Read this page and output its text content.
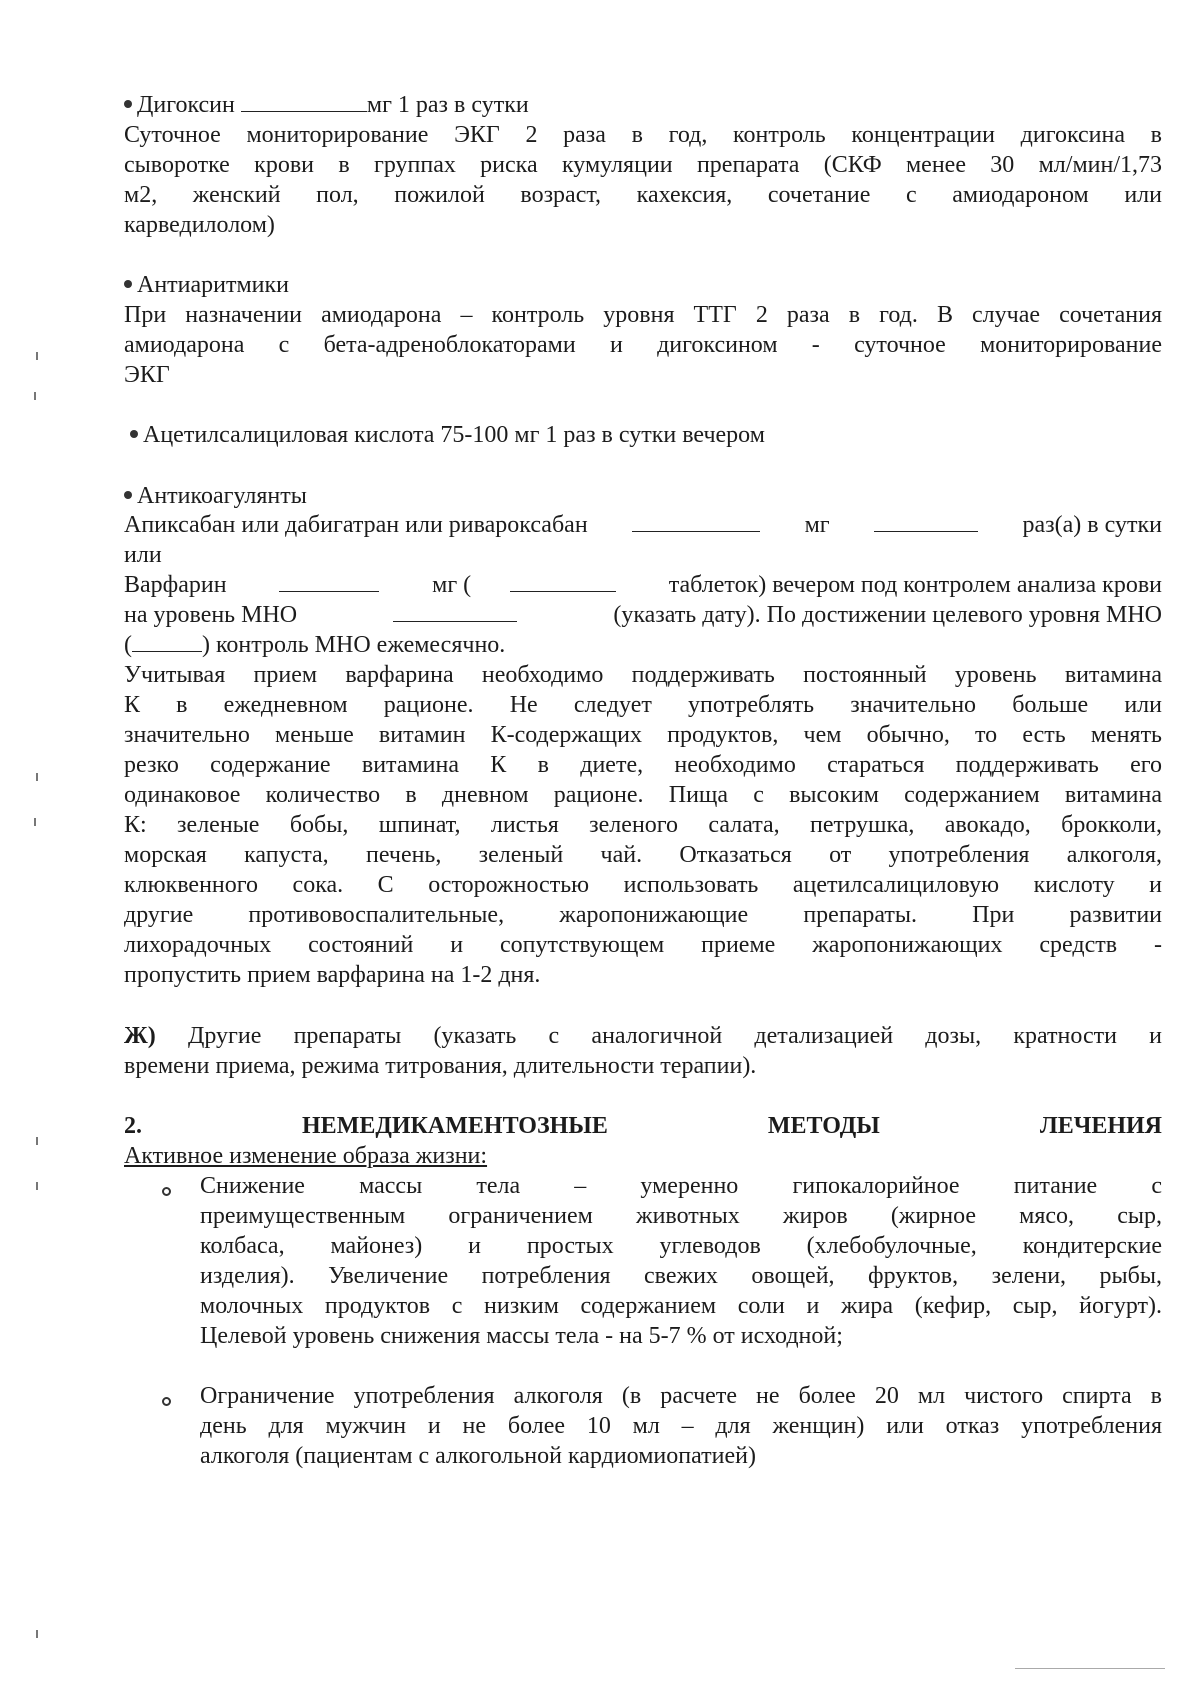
Дигоксин	мг 1 раз в сутки
Суточное мониторирование ЭКГ 2 раза в год, контроль концентрации дигоксина в
сыворотке крови в группах риска кумуляции препарата (СКФ менее 30 мл/мин/1,73
м2, женский пол, пожилой возраст, кахексия, сочетание с амиодароном или
карведилолом)
Антиаритмики
При назначении амиодарона – контроль уровня ТТГ 2 раза в год. В случае сочетания
амиодарона с бета-адреноблокаторами и дигоксином - суточное мониторирование
ЭКГ
Ацетилсалициловая кислота 75-100 мг 1 раз в сутки вечером
Антикоагулянты
Апиксабан или дабигатран или ривароксабан	мг	раз(а) в сутки
или
Варфарин	мг (	таблеток) вечером под контролем анализа крови
на уровень МНО	(указать дату). По достижении целевого уровня МНО
(	) контроль МНО ежемесячно.
Учитывая прием варфарина необходимо поддерживать постоянный уровень витамина
К в ежедневном рационе. Не следует употреблять значительно больше или
значительно меньше витамин К-содержащих продуктов, чем обычно, то есть менять
резко содержание витамина К в диете, необходимо стараться поддерживать его
одинаковое количество в дневном рационе. Пища с высоким содержанием витамина
К: зеленые бобы, шпинат, листья зеленого салата, петрушка, авокадо, брокколи,
морская капуста, печень, зеленый чай. Отказаться от употребления алкоголя,
клюквенного сока. С осторожностью использовать ацетилсалициловую кислоту и
другие противовоспалительные, жаропонижающие препараты. При развитии
лихорадочных состояний и сопутствующем приеме жаропонижающих средств -
пропустить прием варфарина на 1-2 дня.
Ж) Другие препараты (указать с аналогичной детализацией дозы, кратности и
времени приема, режима титрования, длительности терапии).
2.	НЕМЕДИКАМЕНТОЗНЫЕ	МЕТОДЫ	ЛЕЧЕНИЯ
Активное изменение образа жизни:
Снижение массы тела – умеренно гипокалорийное питание с
преимущественным ограничением животных жиров (жирное мясо, сыр,
колбаса, майонез) и простых углеводов (хлебобулочные, кондитерские
изделия). Увеличение потребления свежих овощей, фруктов, зелени, рыбы,
молочных продуктов с низким содержанием соли и жира (кефир, сыр, йогурт).
Целевой уровень снижения массы тела - на 5-7 % от исходной;
Ограничение употребления алкоголя (в расчете не более 20 мл чистого спирта в
день для мужчин и не более 10 мл – для женщин) или отказ употребления
алкоголя (пациентам с алкогольной кардиомиопатией)
